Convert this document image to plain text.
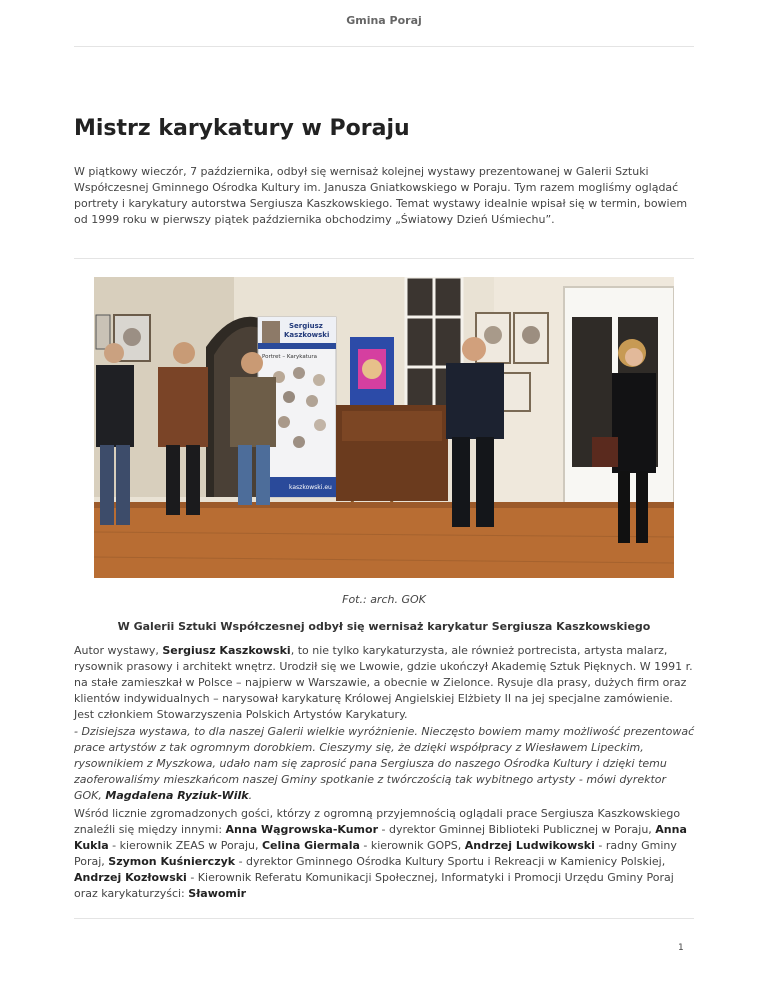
Gmina Poraj
Mistrz karykatury w Poraju

W piątkowy wieczór, 7 października, odbył się wernisaż kolejnej wystawy prezentowanej w Galerii Sztuki Współczesnej Gminnego Ośrodka Kultury im. Janusza Gniatkowskiego w Poraju. Tym razem mogliśmy oglądać portrety i karykatury autorstwa Sergiusza Kaszkowskiego. Temat wystawy idealnie wpisał się w termin, bowiem od 1999 roku w pierwszy piątek października obchodzimy „Światowy Dzień Uśmiechu”.

Sergiusz
Kaszkowski
Portret – Karykatura
kaszkowski.eu
Fot.: arch. GOK
W Galerii Sztuki Współczesnej odbył się wernisaż karykatur Sergiusza Kaszkowskiego

Autor wystawy, Sergiusz Kaszkowski, to nie tylko karykaturzysta, ale również portrecista, artysta malarz, rysownik prasowy i architekt wnętrz. Urodził się we Lwowie, gdzie ukończył Akademię Sztuk Pięknych. W 1991 r. na stałe zamieszkał w Polsce – najpierw w Warszawie, a obecnie w Zielonce. Rysuje dla prasy, dużych firm oraz klientów indywidualnych – narysował karykaturę Królowej Angielskiej Elżbiety II na jej specjalne zamówienie. Jest członkiem Stowarzyszenia Polskich Artystów Karykatury.

- Dzisiejsza wystawa, to dla naszej Galerii wielkie wyróżnienie. Nieczęsto bowiem mamy możliwość prezentować prace artystów z tak ogromnym dorobkiem. Cieszymy się, że dzięki współpracy z Wiesławem Lipeckim, rysownikiem z Myszkowa, udało nam się zaprosić pana Sergiusza do naszego Ośrodka Kultury i dzięki temu zaoferowaliśmy mieszkańcom naszej Gminy spotkanie z twórczością tak wybitnego artysty - mówi dyrektor GOK, Magdalena Ryziuk-Wilk.

Wśród licznie zgromadzonych gości, którzy z ogromną przyjemnością oglądali prace Sergiusza Kaszkowskiego znaleźli się między innymi: Anna Wągrowska-Kumor - dyrektor Gminnej Biblioteki Publicznej w Poraju, Anna Kukla - kierownik ZEAS w Poraju, Celina Giermala - kierownik GOPS, Andrzej Ludwikowski - radny Gminy Poraj, Szymon Kuśnierczyk - dyrektor Gminnego Ośrodka Kultury Sportu i Rekreacji w Kamienicy Polskiej, Andrzej Kozłowski - Kierownik Referatu Komunikacji Społecznej, Informatyki i Promocji Urzędu Gminy Poraj oraz karykaturzyści: Sławomir

1
